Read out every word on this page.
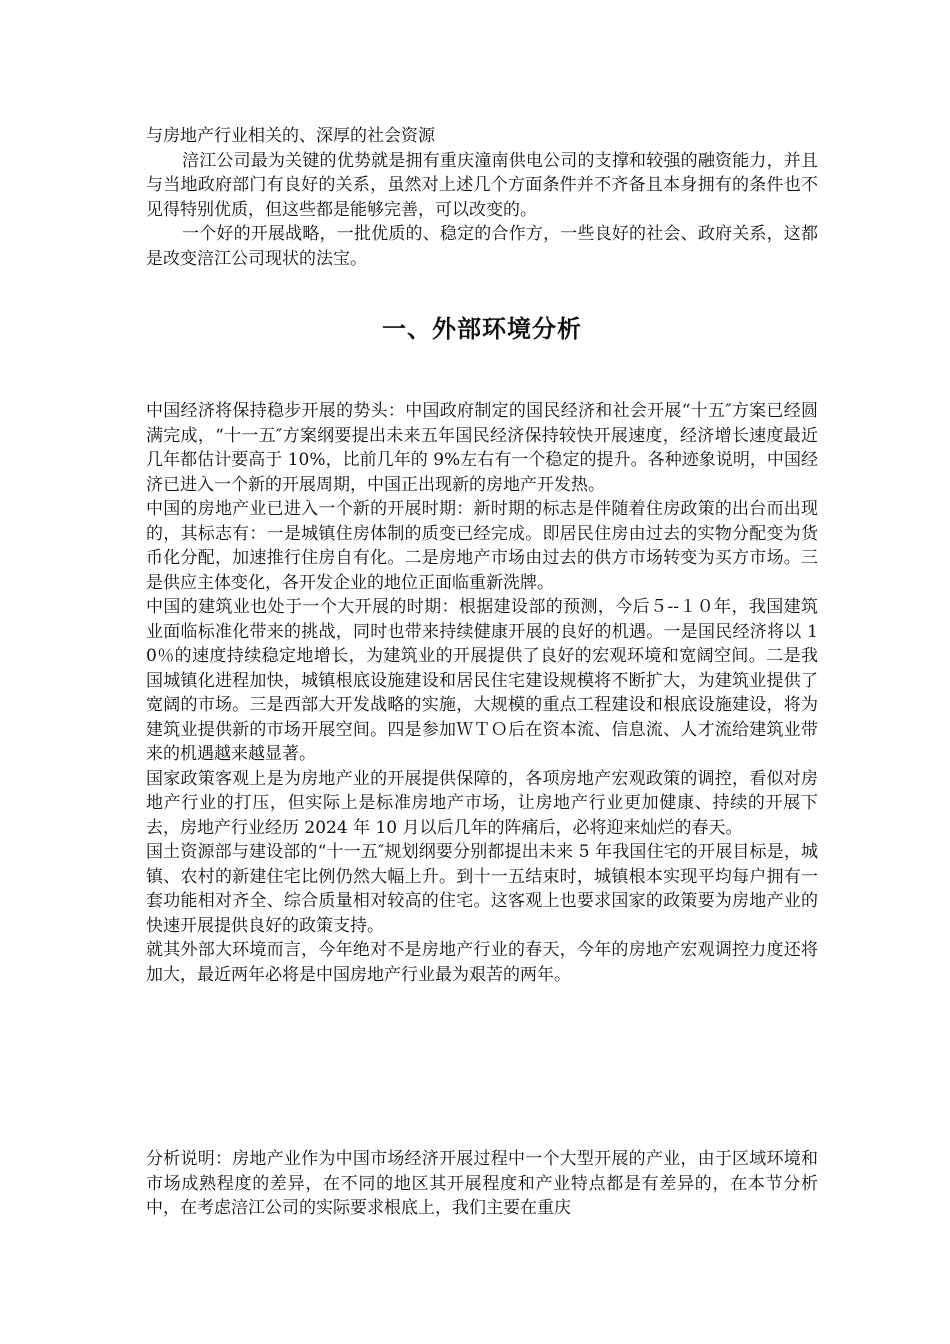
与房地产行业相关的、深厚的社会资源

涪江公司最为关键的优势就是拥有重庆潼南供电公司的支撑和较强的融资能力，并且与当地政府部门有良好的关系，虽然对上述几个方面条件并不齐备且本身拥有的条件也不见得特别优质，但这些都是能够完善，可以改变的。

一个好的开展战略，一批优质的、稳定的合作方，一些良好的社会、政府关系，这都是改变涪江公司现状的法宝。

一、外部环境分析

中国经济将保持稳步开展的势头：中国政府制定的国民经济和社会开展“十五″方案已经圆满完成，“十一五″方案纲要提出未来五年国民经济保持较快开展速度，经济增长速度最近几年都估计要高于 10%，比前几年的 9%左右有一个稳定的提升。各种迹象说明，中国经济已进入一个新的开展周期，中国正出现新的房地产开发热。

中国的房地产业已进入一个新的开展时期：新时期的标志是伴随着住房政策的出台而出现的，其标志有：一是城镇住房体制的质变已经完成。即居民住房由过去的实物分配变为货币化分配，加速推行住房自有化。二是房地产市场由过去的供方市场转变为买方市场。三是供应主体变化，各开发企业的地位正面临重新洗牌。

中国的建筑业也处于一个大开展的时期：根据建设部的预测，今后５--１０年，我国建筑业面临标准化带来的挑战，同时也带来持续健康开展的良好的机遇。一是国民经济将以 10％的速度持续稳定地增长，为建筑业的开展提供了良好的宏观环境和宽阔空间。二是我国城镇化进程加快，城镇根底设施建设和居民住宅建设规模将不断扩大，为建筑业提供了宽阔的市场。三是西部大开发战略的实施，大规模的重点工程建设和根底设施建设，将为建筑业提供新的市场开展空间。四是参加ＷＴＯ后在资本流、信息流、人才流给建筑业带来的机遇越来越显著。

国家政策客观上是为房地产业的开展提供保障的，各项房地产宏观政策的调控，看似对房地产行业的打压，但实际上是标准房地产市场，让房地产行业更加健康、持续的开展下去，房地产行业经历 2024 年 10 月以后几年的阵痛后，必将迎来灿烂的春天。

国土资源部与建设部的“十一五″规划纲要分别都提出未来 5 年我国住宅的开展目标是，城镇、农村的新建住宅比例仍然大幅上升。到十一五结束时，城镇根本实现平均每户拥有一套功能相对齐全、综合质量相对较高的住宅。这客观上也要求国家的政策要为房地产业的快速开展提供良好的政策支持。

就其外部大环境而言，今年绝对不是房地产行业的春天，今年的房地产宏观调控力度还将加大，最近两年必将是中国房地产行业最为艰苦的两年。

分析说明：房地产业作为中国市场经济开展过程中一个大型开展的产业，由于区域环境和市场成熟程度的差异，在不同的地区其开展程度和产业特点都是有差异的，在本节分析中，在考虑涪江公司的实际要求根底上，我们主要在重庆
